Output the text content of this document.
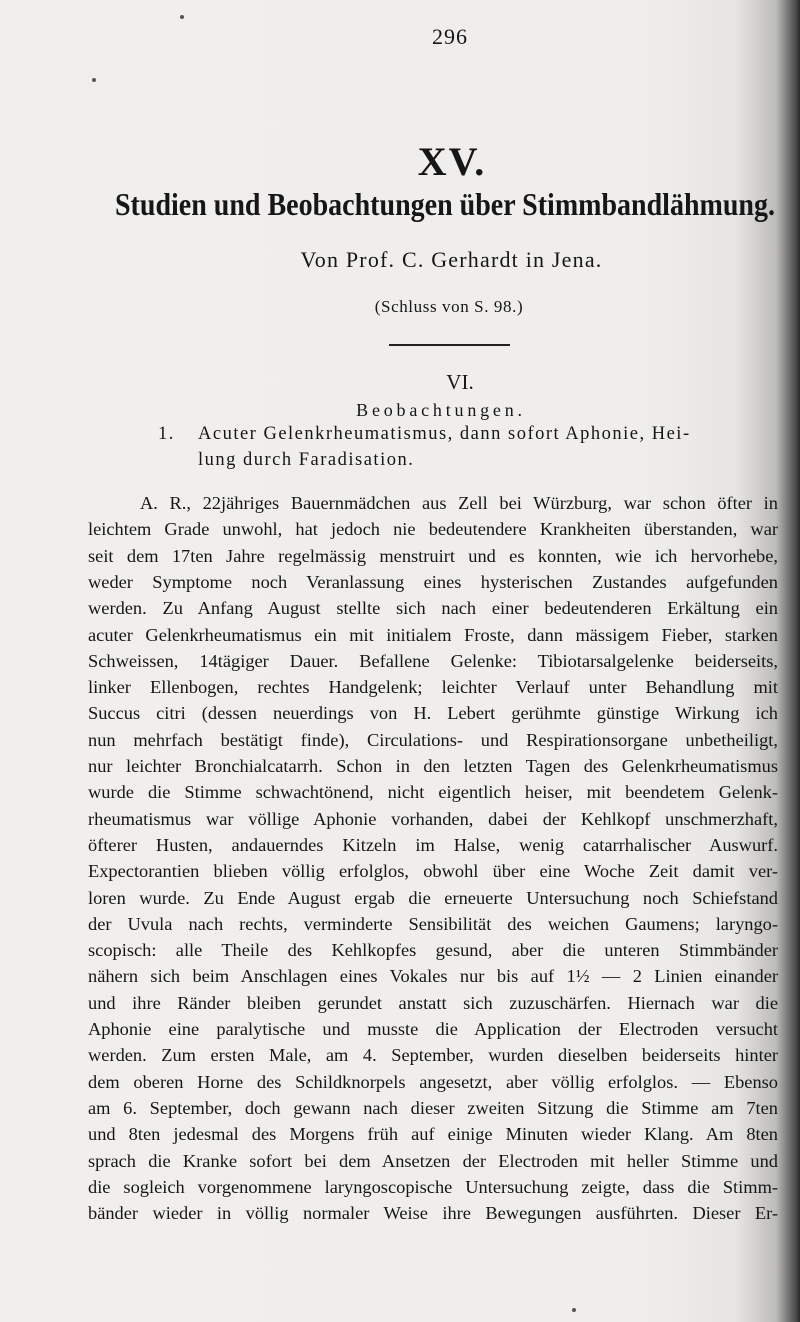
296
XV.
Studien und Beobachtungen über Stimmbandlähmung.
Von Prof. C. Gerhardt in Jena.
(Schluss von S. 98.)
VI.
Beobachtungen.
1. Acuter Gelenkrheumatismus, dann sofort Aphonie, Hei-
lung durch Faradisation.
A. R., 22jähriges Bauernmädchen aus Zell bei Würzburg, war schon öfter in
leichtem Grade unwohl, hat jedoch nie bedeutendere Krankheiten überstanden, war
seit dem 17ten Jahre regelmässig menstruirt und es konnten, wie ich hervorhebe,
weder Symptome noch Veranlassung eines hysterischen Zustandes aufgefunden
werden. Zu Anfang August stellte sich nach einer bedeutenderen Erkältung ein
acuter Gelenkrheumatismus ein mit initialem Froste, dann mässigem Fieber, starken
Schweissen, 14tägiger Dauer. Befallene Gelenke: Tibiotarsalgelenke beiderseits,
linker Ellenbogen, rechtes Handgelenk; leichter Verlauf unter Behandlung mit
Succus citri (dessen neuerdings von H. Lebert gerühmte günstige Wirkung ich
nun mehrfach bestätigt finde), Circulations- und Respirationsorgane unbetheiligt,
nur leichter Bronchialcatarrh. Schon in den letzten Tagen des Gelenkrheumatismus
wurde die Stimme schwachtönend, nicht eigentlich heiser, mit beendetem Gelenk-
rheumatismus war völlige Aphonie vorhanden, dabei der Kehlkopf unschmerzhaft,
öfterer Husten, andauerndes Kitzeln im Halse, wenig catarrhalischer Auswurf.
Expectorantien blieben völlig erfolglos, obwohl über eine Woche Zeit damit ver-
loren wurde. Zu Ende August ergab die erneuerte Untersuchung noch Schiefstand
der Uvula nach rechts, verminderte Sensibilität des weichen Gaumens; laryngo-
scopisch: alle Theile des Kehlkopfes gesund, aber die unteren Stimmbänder
nähern sich beim Anschlagen eines Vokales nur bis auf 1½ — 2 Linien einander
und ihre Ränder bleiben gerundet anstatt sich zuzuschärfen. Hiernach war die
Aphonie eine paralytische und musste die Application der Electroden versucht
werden. Zum ersten Male, am 4. September, wurden dieselben beiderseits hinter
dem oberen Horne des Schildknorpels angesetzt, aber völlig erfolglos. — Ebenso
am 6. September, doch gewann nach dieser zweiten Sitzung die Stimme am 7ten
und 8ten jedesmal des Morgens früh auf einige Minuten wieder Klang. Am 8ten
sprach die Kranke sofort bei dem Ansetzen der Electroden mit heller Stimme und
die sogleich vorgenommene laryngoscopische Untersuchung zeigte, dass die Stimm-
bänder wieder in völlig normaler Weise ihre Bewegungen ausführten. Dieser Er-
